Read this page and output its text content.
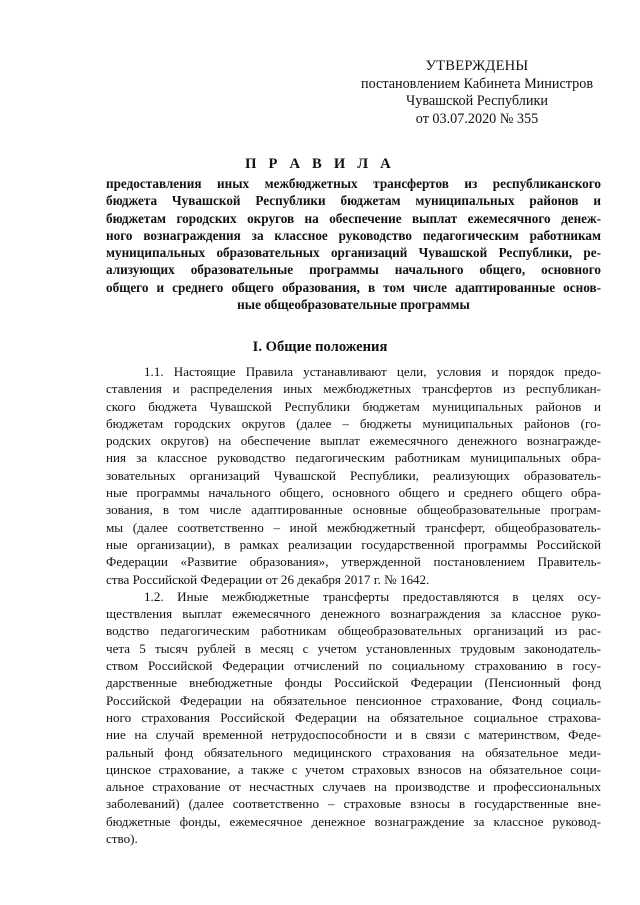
УТВЕРЖДЕНЫ
постановлением Кабинета Министров
Чувашской Республики
от 03.07.2020 № 355
П Р А В И Л А
предоставления иных межбюджетных трансфертов из республиканского
бюджета Чувашской Республики бюджетам муниципальных районов и
бюджетам городских округов на обеспечение выплат ежемесячного денеж-
ного вознаграждения за классное руководство педагогическим работникам
муниципальных образовательных организаций Чувашской Республики, ре-
ализующих образовательные программы начального общего, основного
общего и среднего общего образования, в том числе адаптированные основ-
ные общеобразовательные программы
I. Общие положения
1.1. Настоящие Правила устанавливают цели, условия и порядок предо-
ставления и распределения иных межбюджетных трансфертов из республикан-
ского бюджета Чувашской Республики бюджетам муниципальных районов и
бюджетам городских округов (далее – бюджеты муниципальных районов (го-
родских округов) на обеспечение выплат ежемесячного денежного вознагражде-
ния за классное руководство педагогическим работникам муниципальных обра-
зовательных организаций Чувашской Республики, реализующих образователь-
ные программы начального общего, основного общего и среднего общего обра-
зования, в том числе адаптированные основные общеобразовательные програм-
мы (далее соответственно – иной межбюджетный трансферт, общеобразователь-
ные организации), в рамках реализации государственной программы Российской
Федерации «Развитие образования», утвержденной постановлением Правитель-
ства Российской Федерации от 26 декабря 2017 г. № 1642.
1.2. Иные межбюджетные трансферты предоставляются в целях осу-
ществления выплат ежемесячного денежного вознаграждения за классное руко-
водство педагогическим работникам общеобразовательных организаций из рас-
чета 5 тысяч рублей в месяц с учетом установленных трудовым законодатель-
ством Российской Федерации отчислений по социальному страхованию в госу-
дарственные внебюджетные фонды Российской Федерации (Пенсионный фонд
Российской Федерации на обязательное пенсионное страхование, Фонд социаль-
ного страхования Российской Федерации на обязательное социальное страхова-
ние на случай временной нетрудоспособности и в связи с материнством, Феде-
ральный фонд обязательного медицинского страхования на обязательное меди-
цинское страхование, а также с учетом страховых взносов на обязательное соци-
альное страхование от несчастных случаев на производстве и профессиональных
заболеваний) (далее соответственно – страховые взносы в государственные вне-
бюджетные фонды, ежемесячное денежное вознаграждение за классное руковод-
ство).
